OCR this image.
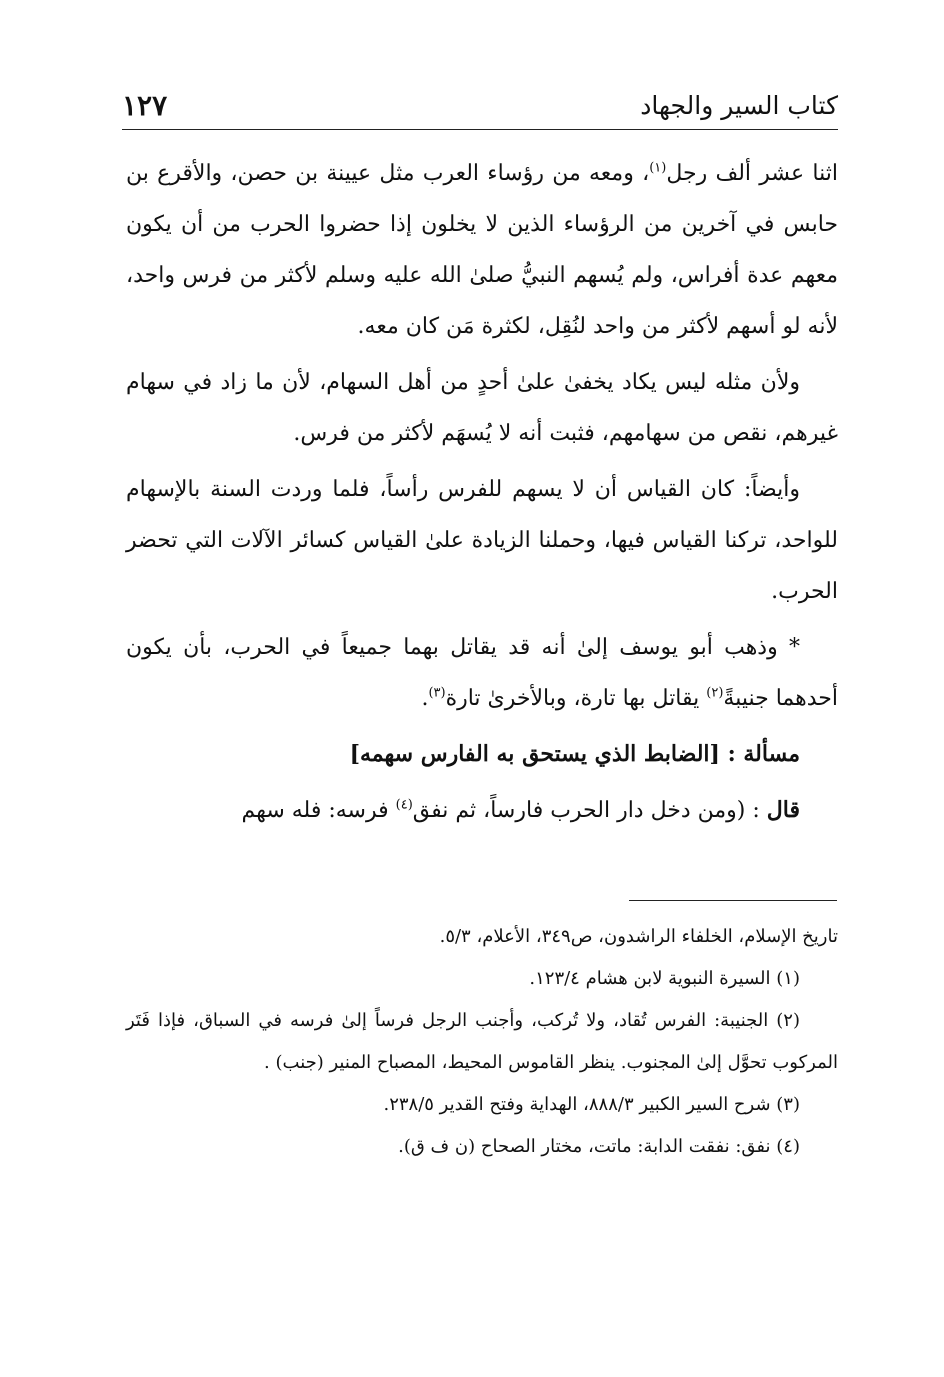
كتاب السير والجهاد
١٢٧

اثنا عشر ألف رجل$^{(١)}$، ومعه من رؤساء العرب مثل عيينة بن حصن، والأقرع بن حابس في آخرين من الرؤساء الذين لا يخلون إذا حضروا الحرب من أن يكون معهم عدة أفراس، ولم يُسهم النبيُّ صلىٰ الله عليه وسلم لأكثر من فرس واحد، لأنه لو أسهم لأكثر من واحد لنُقِل، لكثرة مَن كان معه.

ولأن مثله ليس يكاد يخفىٰ علىٰ أحدٍ من أهل السهام، لأن ما زاد في سهام غيرهم، نقص من سهامهم، فثبت أنه لا يُسهَم لأكثر من فرس.

وأيضاً: كان القياس أن لا يسهم للفرس رأساً، فلما وردت السنة بالإسهام للواحد، تركنا القياس فيها، وحملنا الزيادة علىٰ القياس كسائر الآلات التي تحضر الحرب.

* وذهب أبو يوسف إلىٰ أنه قد يقاتل بهما جميعاً في الحرب، بأن يكون أحدهما جنيبةً$^{(٢)}$ يقاتل بها تارة، وبالأخرىٰ تارة$^{(٣)}$.

مسألة : [الضابط الذي يستحق به الفارس سهمه]

قال : (ومن دخل دار الحرب فارساً، ثم نفق$^{(٤)}$ فرسه: فله سهم

تاريخ الإسلام، الخلفاء الراشدون، ص٣٤٩، الأعلام، ٥/٣.

(١) السيرة النبوية لابن هشام ١٢٣/٤.

(٢) الجنيبة: الفرس تُقاد، ولا تُركب، وأجنب الرجل فرساً إلىٰ فرسه في السباق، فإذا فَتَر المركوب تحوَّل إلىٰ المجنوب. ينظر القاموس المحيط، المصباح المنير (جنب) .

(٣) شرح السير الكبير ٨٨٨/٣، الهداية وفتح القدير ٢٣٨/٥.

(٤) نفق: نفقت الدابة: ماتت، مختار الصحاح (ن ف ق).
